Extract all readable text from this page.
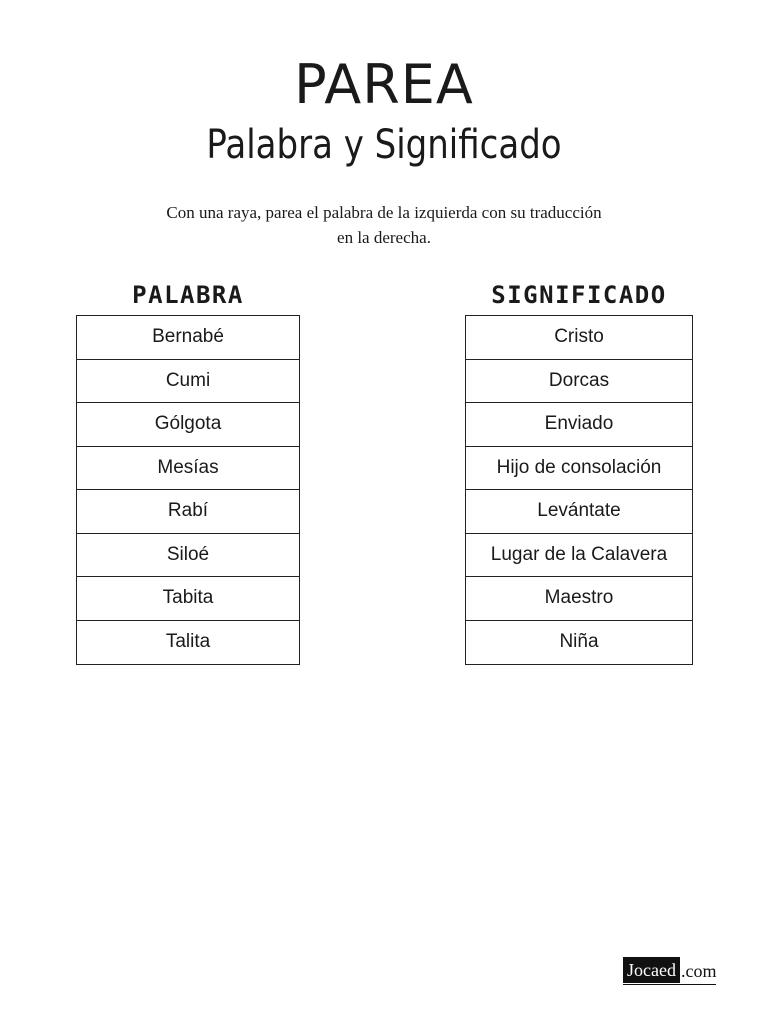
PAREA
Palabra y Significado

Con una raya, parea el palabra de la izquierda con su traducción en la derecha.

PALABRA	SIGNIFICADO
Bernabé
Cumi
Gólgota
Mesías
Rabí
Siloé
Tabita
Talita
Cristo
Dorcas
Enviado
Hijo de consolación
Levántate
Lugar de la Calavera
Maestro
Niña
Jocaed .com
